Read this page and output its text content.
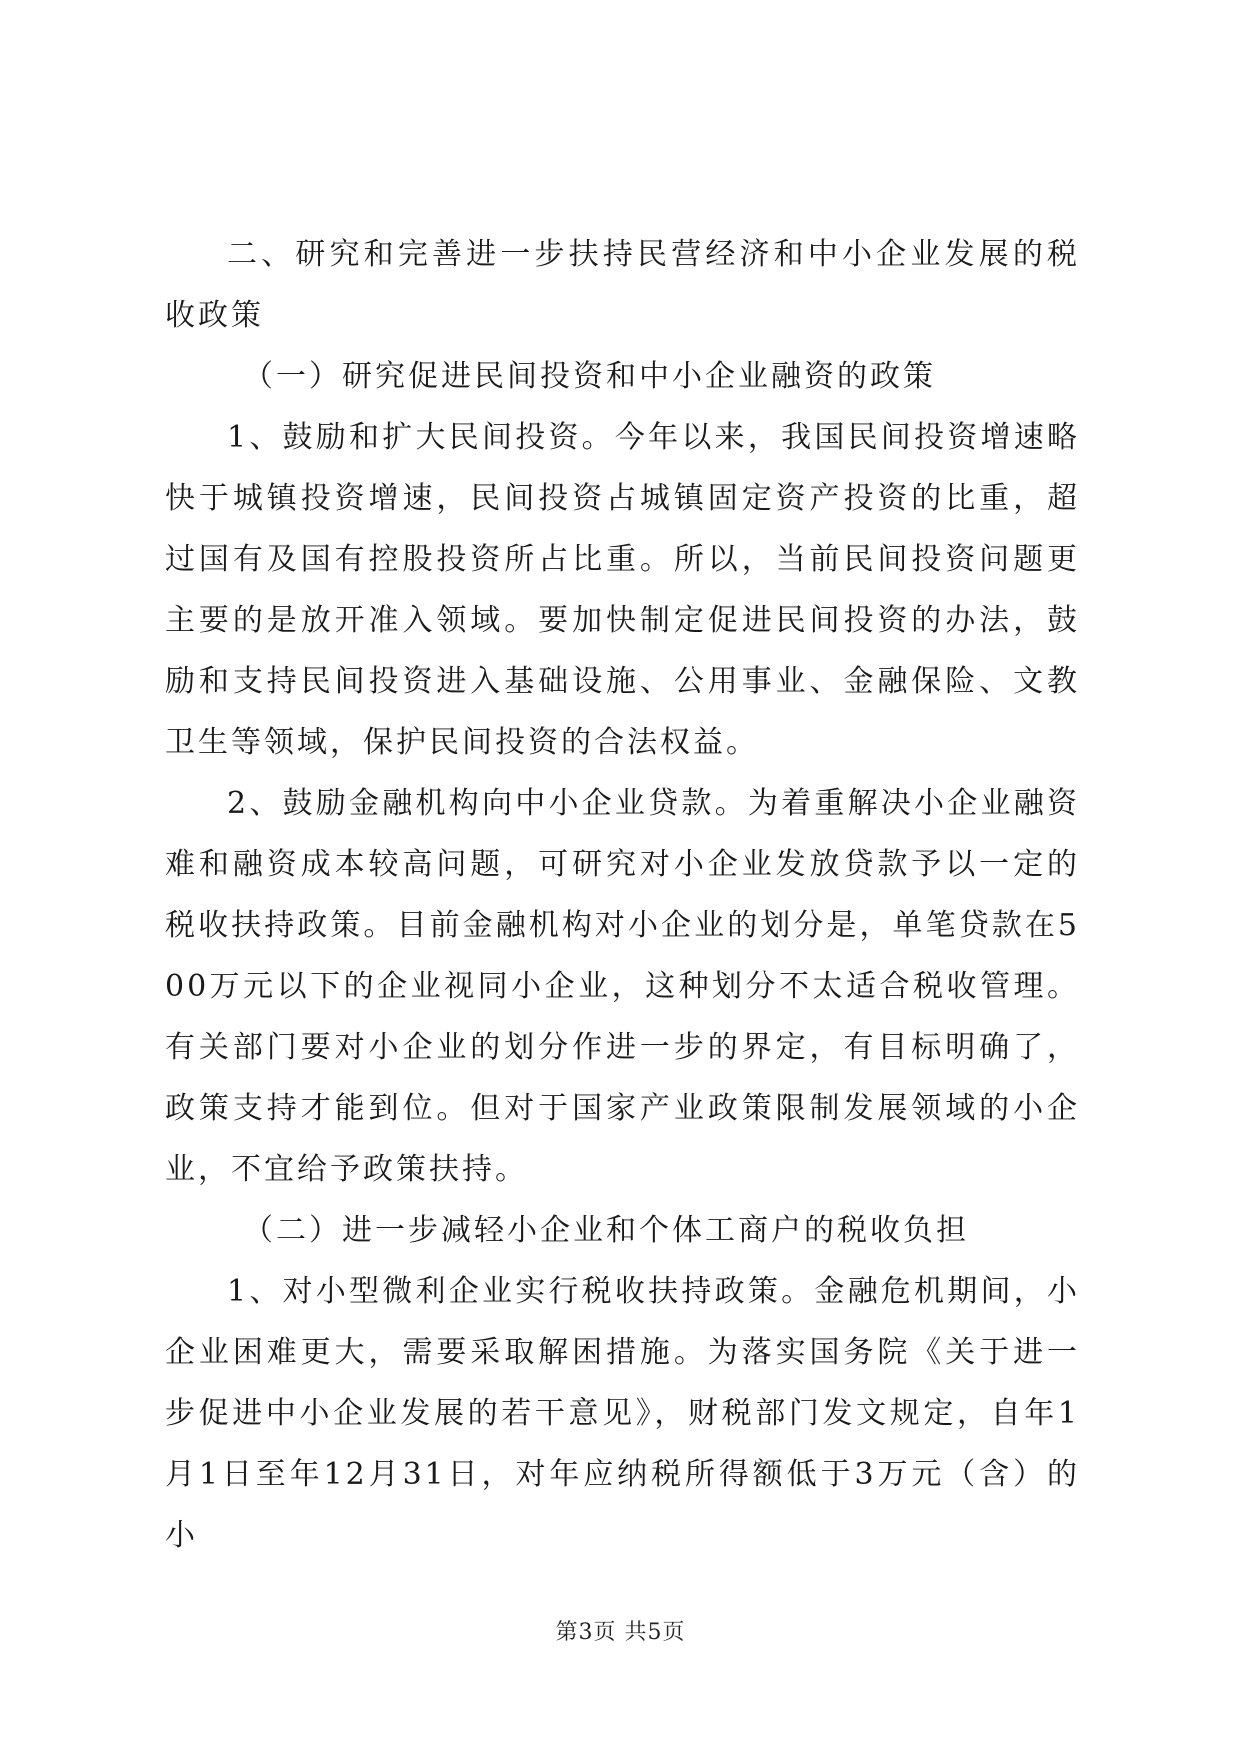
二、研究和完善进一步扶持民营经济和中小企业发展的税收政策

（一）研究促进民间投资和中小企业融资的政策

1、鼓励和扩大民间投资。今年以来，我国民间投资增速略快于城镇投资增速，民间投资占城镇固定资产投资的比重，超过国有及国有控股投资所占比重。所以，当前民间投资问题更主要的是放开准入领域。要加快制定促进民间投资的办法，鼓励和支持民间投资进入基础设施、公用事业、金融保险、文教卫生等领域，保护民间投资的合法权益。

2、鼓励金融机构向中小企业贷款。为着重解决小企业融资难和融资成本较高问题，可研究对小企业发放贷款予以一定的税收扶持政策。目前金融机构对小企业的划分是，单笔贷款在500万元以下的企业视同小企业，这种划分不太适合税收管理。有关部门要对小企业的划分作进一步的界定，有目标明确了，政策支持才能到位。但对于国家产业政策限制发展领域的小企业，不宜给予政策扶持。

（二）进一步减轻小企业和个体工商户的税收负担

1、对小型微利企业实行税收扶持政策。金融危机期间，小企业困难更大，需要采取解困措施。为落实国务院《关于进一步促进中小企业发展的若干意见》，财税部门发文规定，自年1月1日至年12月31日，对年应纳税所得额低于3万元（含）的小

第3页 共5页
